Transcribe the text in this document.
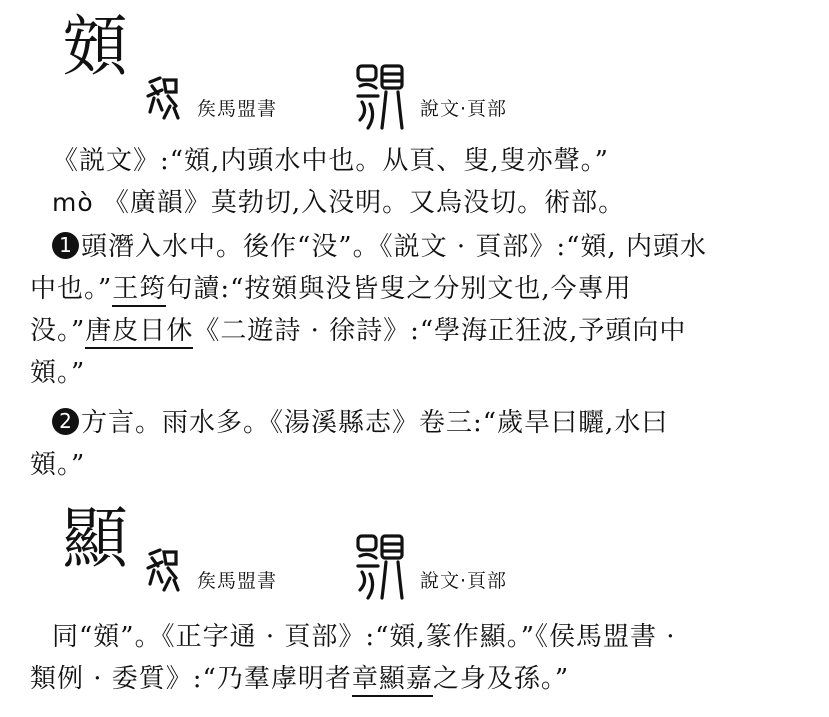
頞
矦馬盟書	說文·頁部
《説文》:“頞,内頭水中也。从頁、叟,叟亦聲。”
mò 《廣韻》莫勃切,入没明。又烏没切。術部。
1 頭潛入水中。後作“没”。《説文 · 頁部》:“頞, 内頭水
中也。”王筠句讀:“按頞與没皆叟之分别文也,今專用
没。”唐皮日休《二遊詩 · 徐詩》:“學海正狂波,予頭向中
頞。”
2 方言。雨水多。《湯溪縣志》卷三:“歲旱曰矖,水曰
頞。”
顯
矦馬盟書	說文·頁部
同“頞”。《正字通 · 頁部》:“頞,篆作顯。”《侯馬盟書 ·
類例 · 委質》:“乃羣虖明者章顯嘉之身及孫。”
